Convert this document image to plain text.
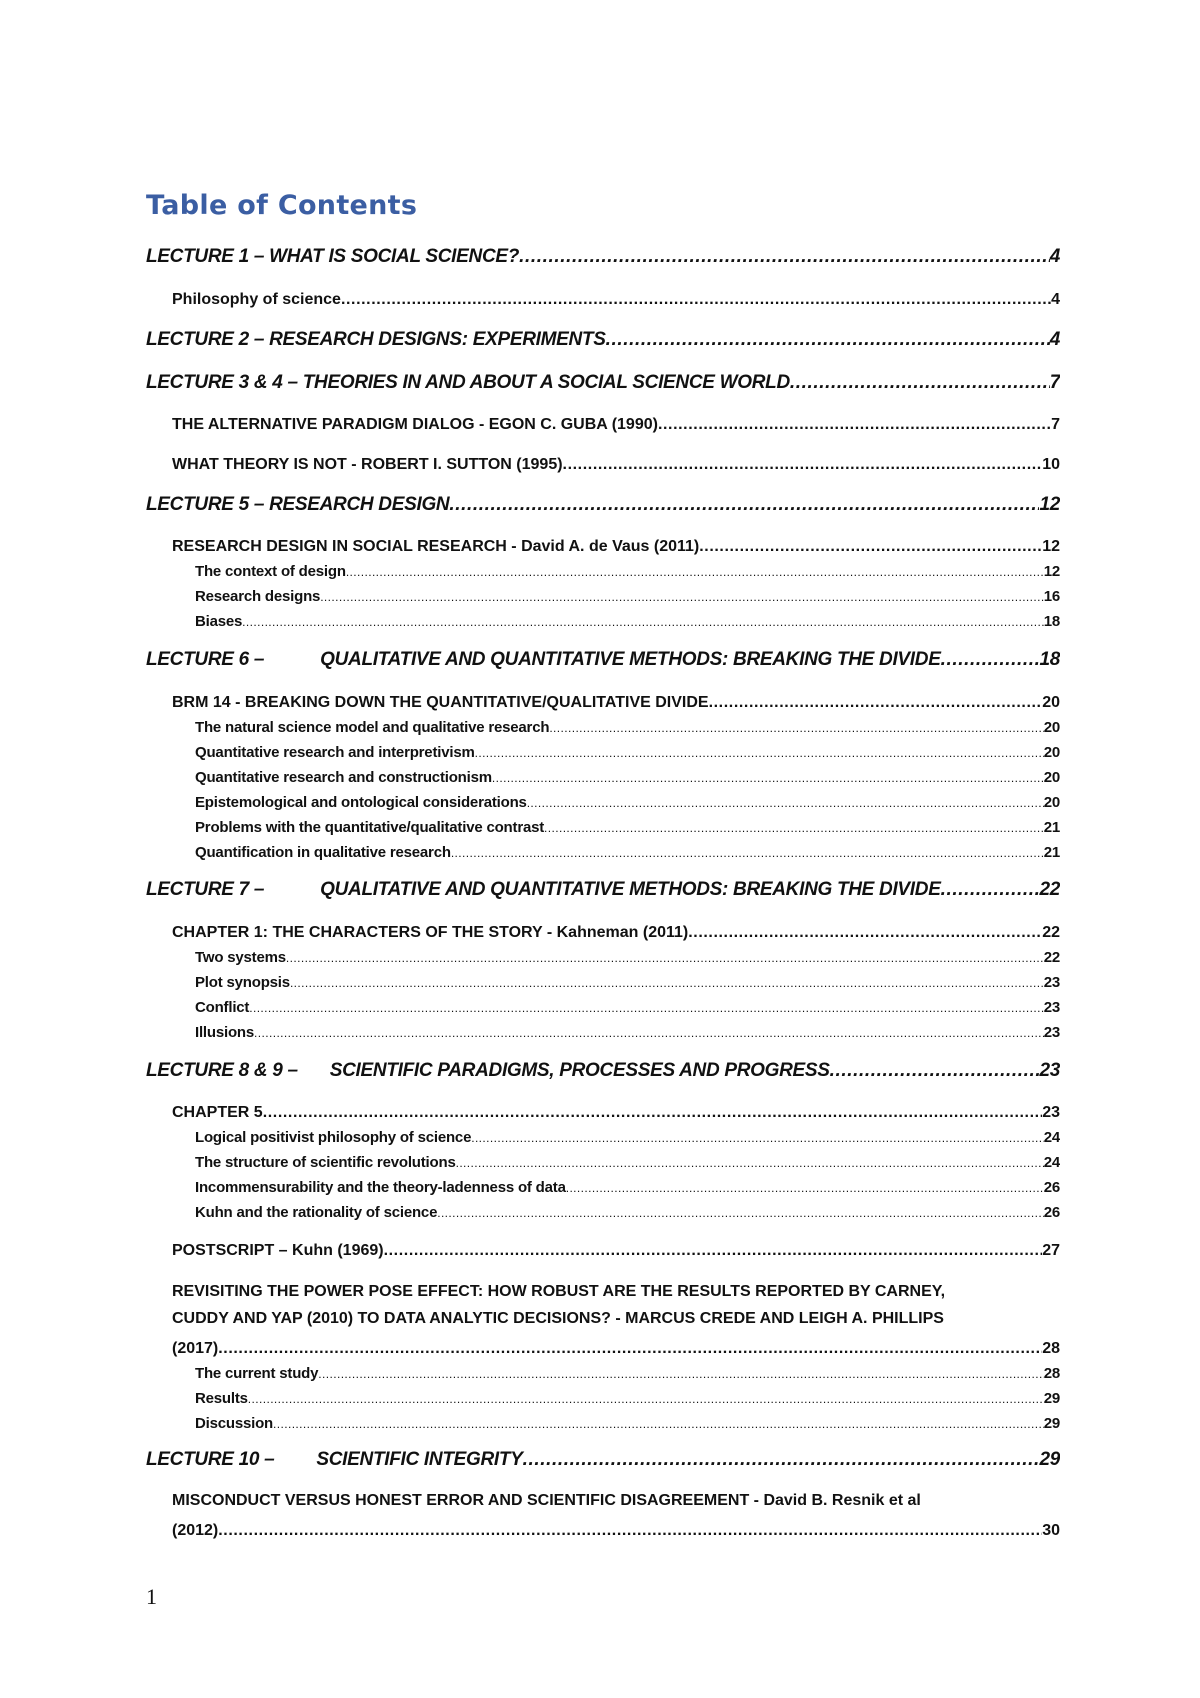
Table of Contents
LECTURE 1 – WHAT IS SOCIAL SCIENCE? .....	4
Philosophy of science .....	4
LECTURE 2 – RESEARCH DESIGNS: EXPERIMENTS .....	4
LECTURE 3 & 4 – THEORIES IN AND ABOUT A SOCIAL SCIENCE WORLD .....	7
THE ALTERNATIVE PARADIGM DIALOG - EGON C. GUBA (1990) .....	7
WHAT THEORY IS NOT - ROBERT I. SUTTON (1995) .....	10
LECTURE 5 – RESEARCH DESIGN .....	12
RESEARCH DESIGN IN SOCIAL RESEARCH - David A. de Vaus (2011) .....	12
The context of design .....	12
Research designs .....	16
Biases .....	18
LECTURE 6 –	QUALITATIVE AND QUANTITATIVE METHODS: BREAKING THE DIVIDE .....	18
BRM 14 - BREAKING DOWN THE QUANTITATIVE/QUALITATIVE DIVIDE .....	20
The natural science model and qualitative research .....	20
Quantitative research and interpretivism .....	20
Quantitative research and constructionism .....	20
Epistemological and ontological considerations .....	20
Problems with the quantitative/qualitative contrast .....	21
Quantification in qualitative research .....	21
LECTURE 7 –	QUALITATIVE AND QUANTITATIVE METHODS: BREAKING THE DIVIDE .....	22
CHAPTER 1: THE CHARACTERS OF THE STORY - Kahneman (2011) .....	22
Two systems .....	22
Plot synopsis .....	23
Conflict .....	23
Illusions .....	23
LECTURE 8 & 9 – SCIENTIFIC PARADIGMS, PROCESSES AND PROGRESS .....	23
CHAPTER 5 .....	23
Logical positivist philosophy of science .....	24
The structure of scientific revolutions .....	24
Incommensurability and the theory-ladenness of data .....	26
Kuhn and the rationality of science .....	26
POSTSCRIPT – Kuhn (1969) .....	27
REVISITING THE POWER POSE EFFECT: HOW ROBUST ARE THE RESULTS REPORTED BY CARNEY,
CUDDY AND YAP (2010) TO DATA ANALYTIC DECISIONS? - MARCUS CREDE AND LEIGH A. PHILLIPS
(2017) .....	28
The current study .....	28
Results .....	29
Discussion .....	29
LECTURE 10 – SCIENTIFIC INTEGRITY .....	29
MISCONDUCT VERSUS HONEST ERROR AND SCIENTIFIC DISAGREEMENT - David B. Resnik et al
(2012) .....	30
1
